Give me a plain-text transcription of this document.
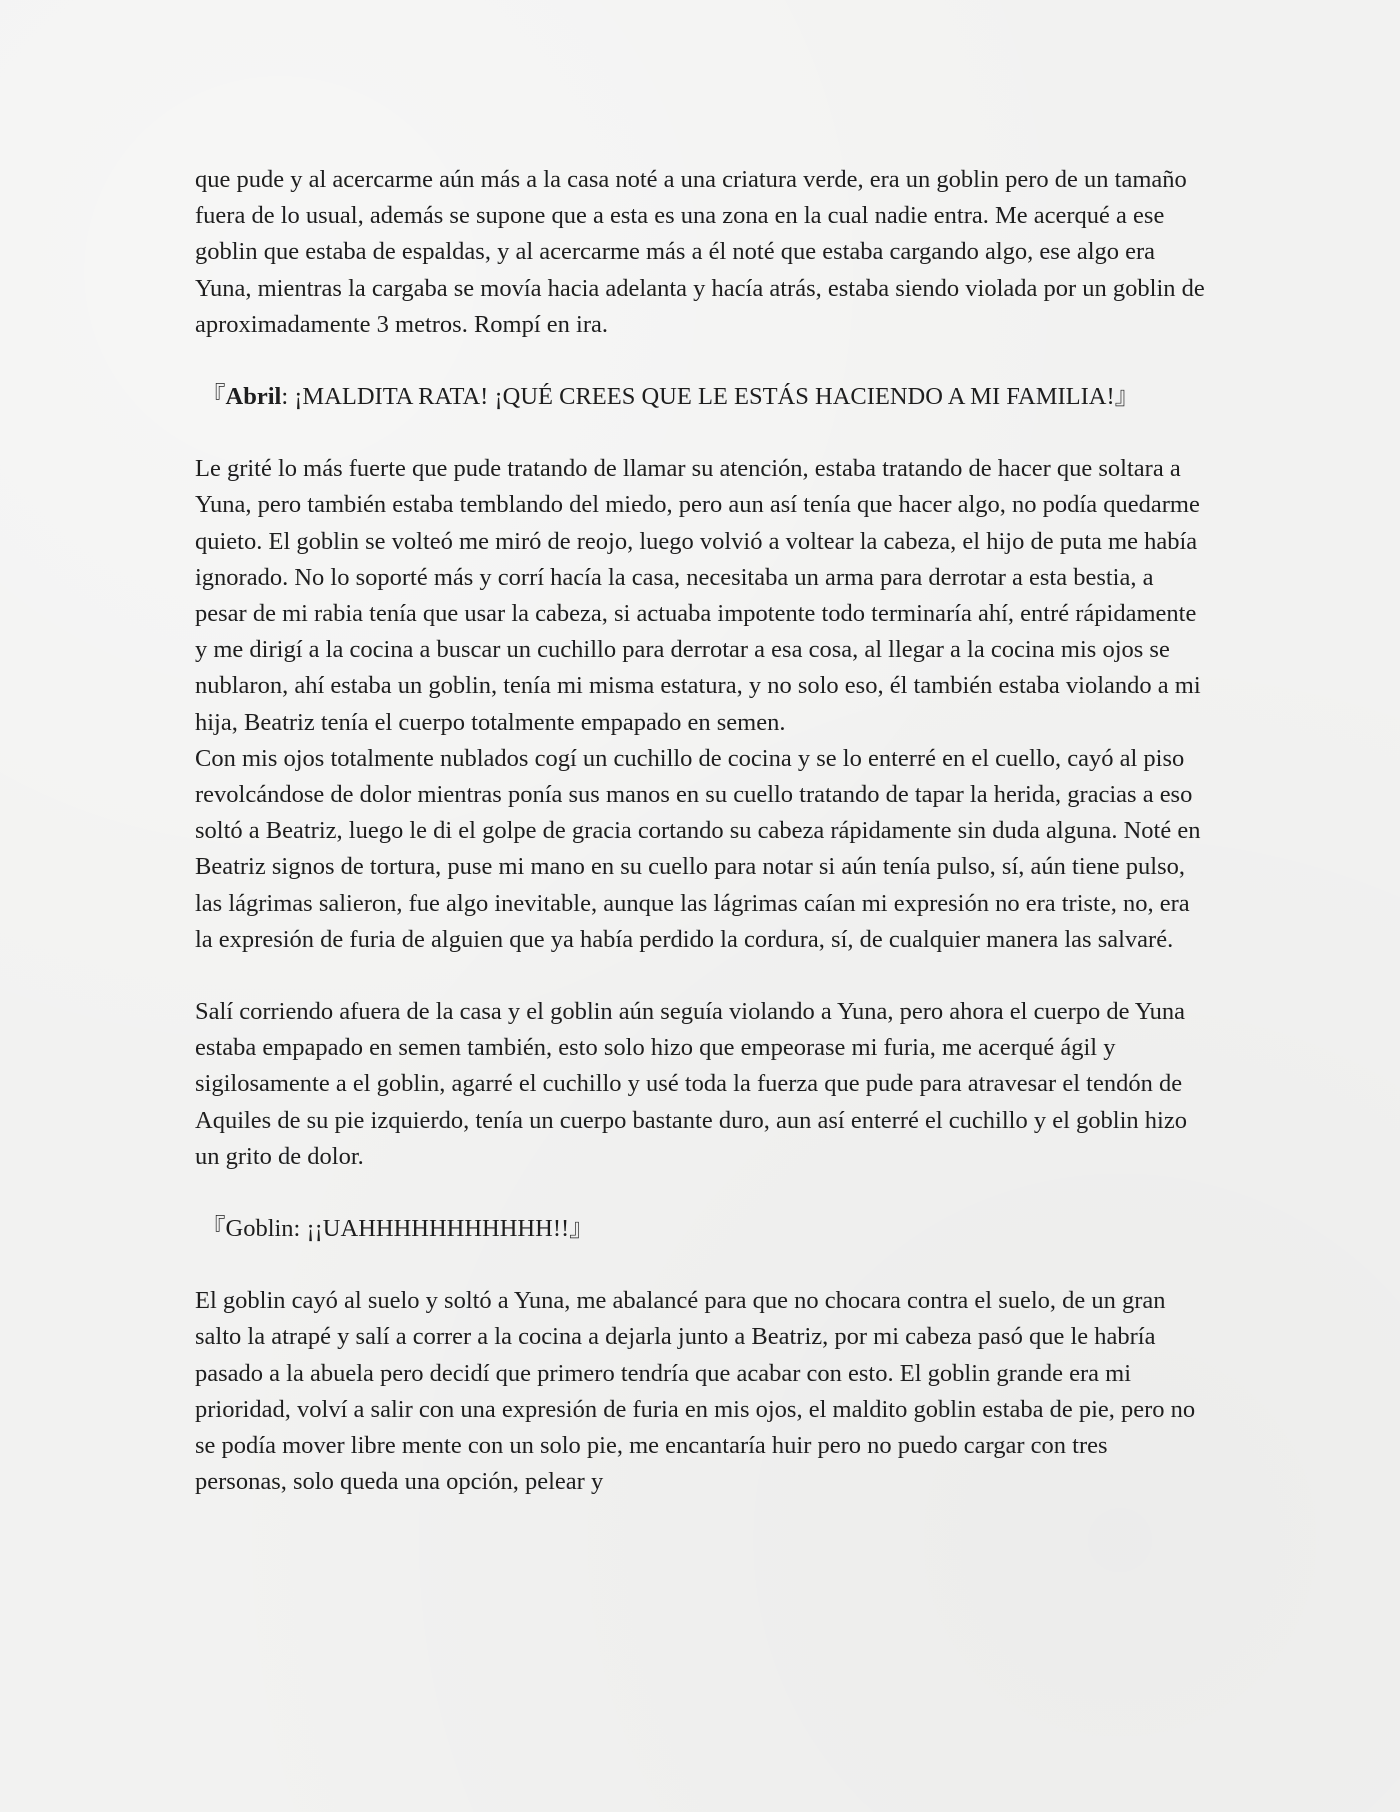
que pude y al acercarme aún más a la casa noté a una criatura verde, era un goblin pero de un tamaño fuera de lo usual, además se supone que a esta es una zona en la cual nadie entra. Me acerqué a ese goblin que estaba de espaldas, y al acercarme más a él noté que estaba cargando algo, ese algo era Yuna, mientras la cargaba se movía hacia adelanta y hacía atrás, estaba siendo violada por un goblin de aproximadamente 3 metros. Rompí en ira.

『Abril: ¡MALDITA RATA! ¡QUÉ CREES QUE LE ESTÁS HACIENDO A MI FAMILIA!』

Le grité lo más fuerte que pude tratando de llamar su atención, estaba tratando de hacer que soltara a Yuna, pero también estaba temblando del miedo, pero aun así tenía que hacer algo, no podía quedarme quieto. El goblin se volteó me miró de reojo, luego volvió a voltear la cabeza, el hijo de puta me había ignorado. No lo soporté más y corrí hacía la casa, necesitaba un arma para derrotar a esta bestia, a pesar de mi rabia tenía que usar la cabeza, si actuaba impotente todo terminaría ahí, entré rápidamente y me dirigí a la cocina a buscar un cuchillo para derrotar a esa cosa, al llegar a la cocina mis ojos se nublaron, ahí estaba un goblin, tenía mi misma estatura, y no solo eso, él también estaba violando a mi hija, Beatriz tenía el cuerpo totalmente empapado en semen.

Con mis ojos totalmente nublados cogí un cuchillo de cocina y se lo enterré en el cuello, cayó al piso revolcándose de dolor mientras ponía sus manos en su cuello tratando de tapar la herida, gracias a eso soltó a Beatriz, luego le di el golpe de gracia cortando su cabeza rápidamente sin duda alguna. Noté en Beatriz signos de tortura, puse mi mano en su cuello para notar si aún tenía pulso, sí, aún tiene pulso, las lágrimas salieron, fue algo inevitable, aunque las lágrimas caían mi expresión no era triste, no, era la expresión de furia de alguien que ya había perdido la cordura, sí, de cualquier manera las salvaré.

Salí corriendo afuera de la casa y el goblin aún seguía violando a Yuna, pero ahora el cuerpo de Yuna estaba empapado en semen también, esto solo hizo que empeorase mi furia, me acerqué ágil y sigilosamente a el goblin, agarré el cuchillo y usé toda la fuerza que pude para atravesar el tendón de Aquiles de su pie izquierdo, tenía un cuerpo bastante duro, aun así enterré el cuchillo y el goblin hizo un grito de dolor.

『Goblin: ¡¡UAHHHHHHHHHHH!!』

El goblin cayó al suelo y soltó a Yuna, me abalancé para que no chocara contra el suelo, de un gran salto la atrapé y salí a correr a la cocina a dejarla junto a Beatriz, por mi cabeza pasó que le habría pasado a la abuela pero decidí que primero tendría que acabar con esto. El goblin grande era mi prioridad, volví a salir con una expresión de furia en mis ojos, el maldito goblin estaba de pie, pero no se podía mover libre mente con un solo pie, me encantaría huir pero no puedo cargar con tres personas, solo queda una opción, pelear y
